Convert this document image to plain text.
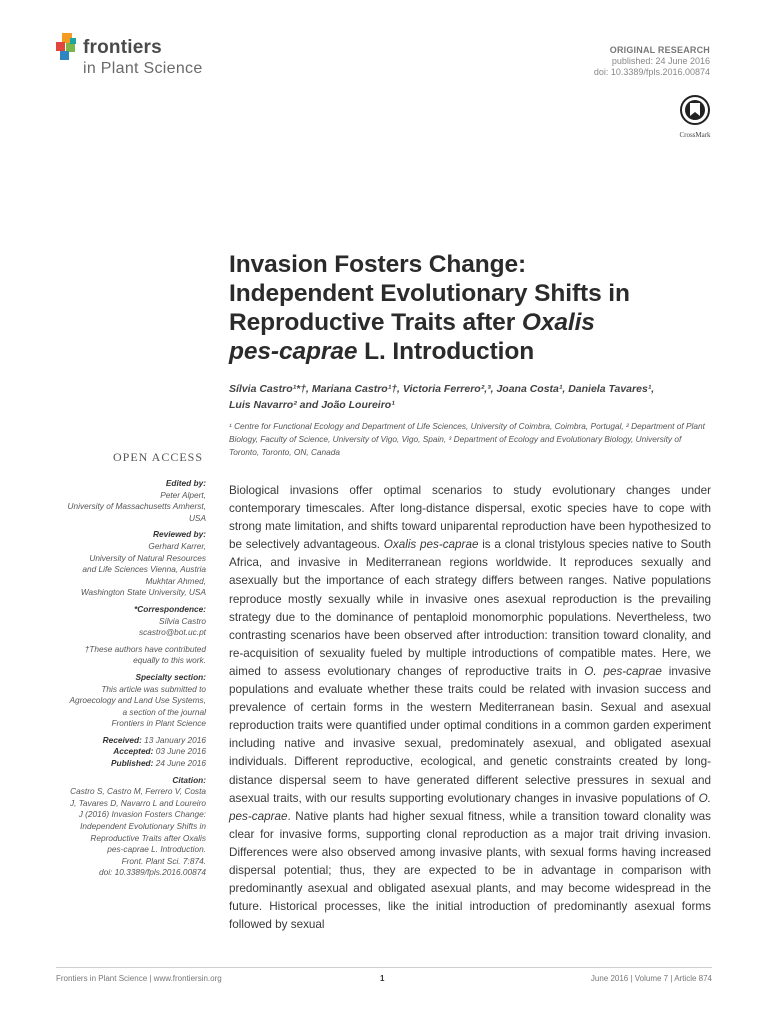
frontiers
in Plant Science
ORIGINAL RESEARCH
published: 24 June 2016
doi: 10.3389/fpls.2016.00874
CrossMark
Invasion Fosters Change:
Independent Evolutionary Shifts in
Reproductive Traits after Oxalis
pes-caprae L. Introduction
Sílvia Castro¹*†, Mariana Castro¹†, Victoria Ferrero²,³, Joana Costa¹, Daniela Tavares¹,
Luis Navarro² and João Loureiro¹
¹ Centre for Functional Ecology and Department of Life Sciences, University of Coimbra, Coimbra, Portugal, ² Department of Plant Biology, Faculty of Science, University of Vigo, Vigo, Spain, ³ Department of Ecology and Evolutionary Biology, University of Toronto, Toronto, ON, Canada
OPEN ACCESS
Edited by:
Peter Alpert,
University of Massachusetts Amherst,
USA
Reviewed by:
Gerhard Karrer,
University of Natural Resources
and Life Sciences Vienna, Austria
Mukhtar Ahmed,
Washington State University, USA
*Correspondence:
Sílvia Castro
scastro@bot.uc.pt
†These authors have contributed
equally to this work.
Specialty section:
This article was submitted to
Agroecology and Land Use Systems,
a section of the journal
Frontiers in Plant Science
Received: 13 January 2016
Accepted: 03 June 2016
Published: 24 June 2016
Citation:
Castro S, Castro M, Ferrero V, Costa
J, Tavares D, Navarro L and Loureiro
J (2016) Invasion Fosters Change:
Independent Evolutionary Shifts in
Reproductive Traits after Oxalis
pes-caprae L. Introduction.
Front. Plant Sci. 7:874.
doi: 10.3389/fpls.2016.00874
Biological invasions offer optimal scenarios to study evolutionary changes under contemporary timescales. After long-distance dispersal, exotic species have to cope with strong mate limitation, and shifts toward uniparental reproduction have been hypothesized to be selectively advantageous. Oxalis pes-caprae is a clonal tristylous species native to South Africa, and invasive in Mediterranean regions worldwide. It reproduces sexually and asexually but the importance of each strategy differs between ranges. Native populations reproduce mostly sexually while in invasive ones asexual reproduction is the prevailing strategy due to the dominance of pentaploid monomorphic populations. Nevertheless, two contrasting scenarios have been observed after introduction: transition toward clonality, and re-acquisition of sexuality fueled by multiple introductions of compatible mates. Here, we aimed to assess evolutionary changes of reproductive traits in O. pes-caprae invasive populations and evaluate whether these traits could be related with invasion success and prevalence of certain forms in the western Mediterranean basin. Sexual and asexual reproduction traits were quantified under optimal conditions in a common garden experiment including native and invasive sexual, predominately asexual, and obligated asexual individuals. Different reproductive, ecological, and genetic constraints created by long-distance dispersal seem to have generated different selective pressures in sexual and asexual traits, with our results supporting evolutionary changes in invasive populations of O. pes-caprae. Native plants had higher sexual fitness, while a transition toward clonality was clear for invasive forms, supporting clonal reproduction as a major trait driving invasion. Differences were also observed among invasive plants, with sexual forms having increased dispersal potential; thus, they are expected to be in advantage in comparison with predominantly asexual and obligated asexual plants, and may become widespread in the future. Historical processes, like the initial introduction of predominantly asexual forms followed by sexual
Frontiers in Plant Science | www.frontiersin.org	1	June 2016 | Volume 7 | Article 874
